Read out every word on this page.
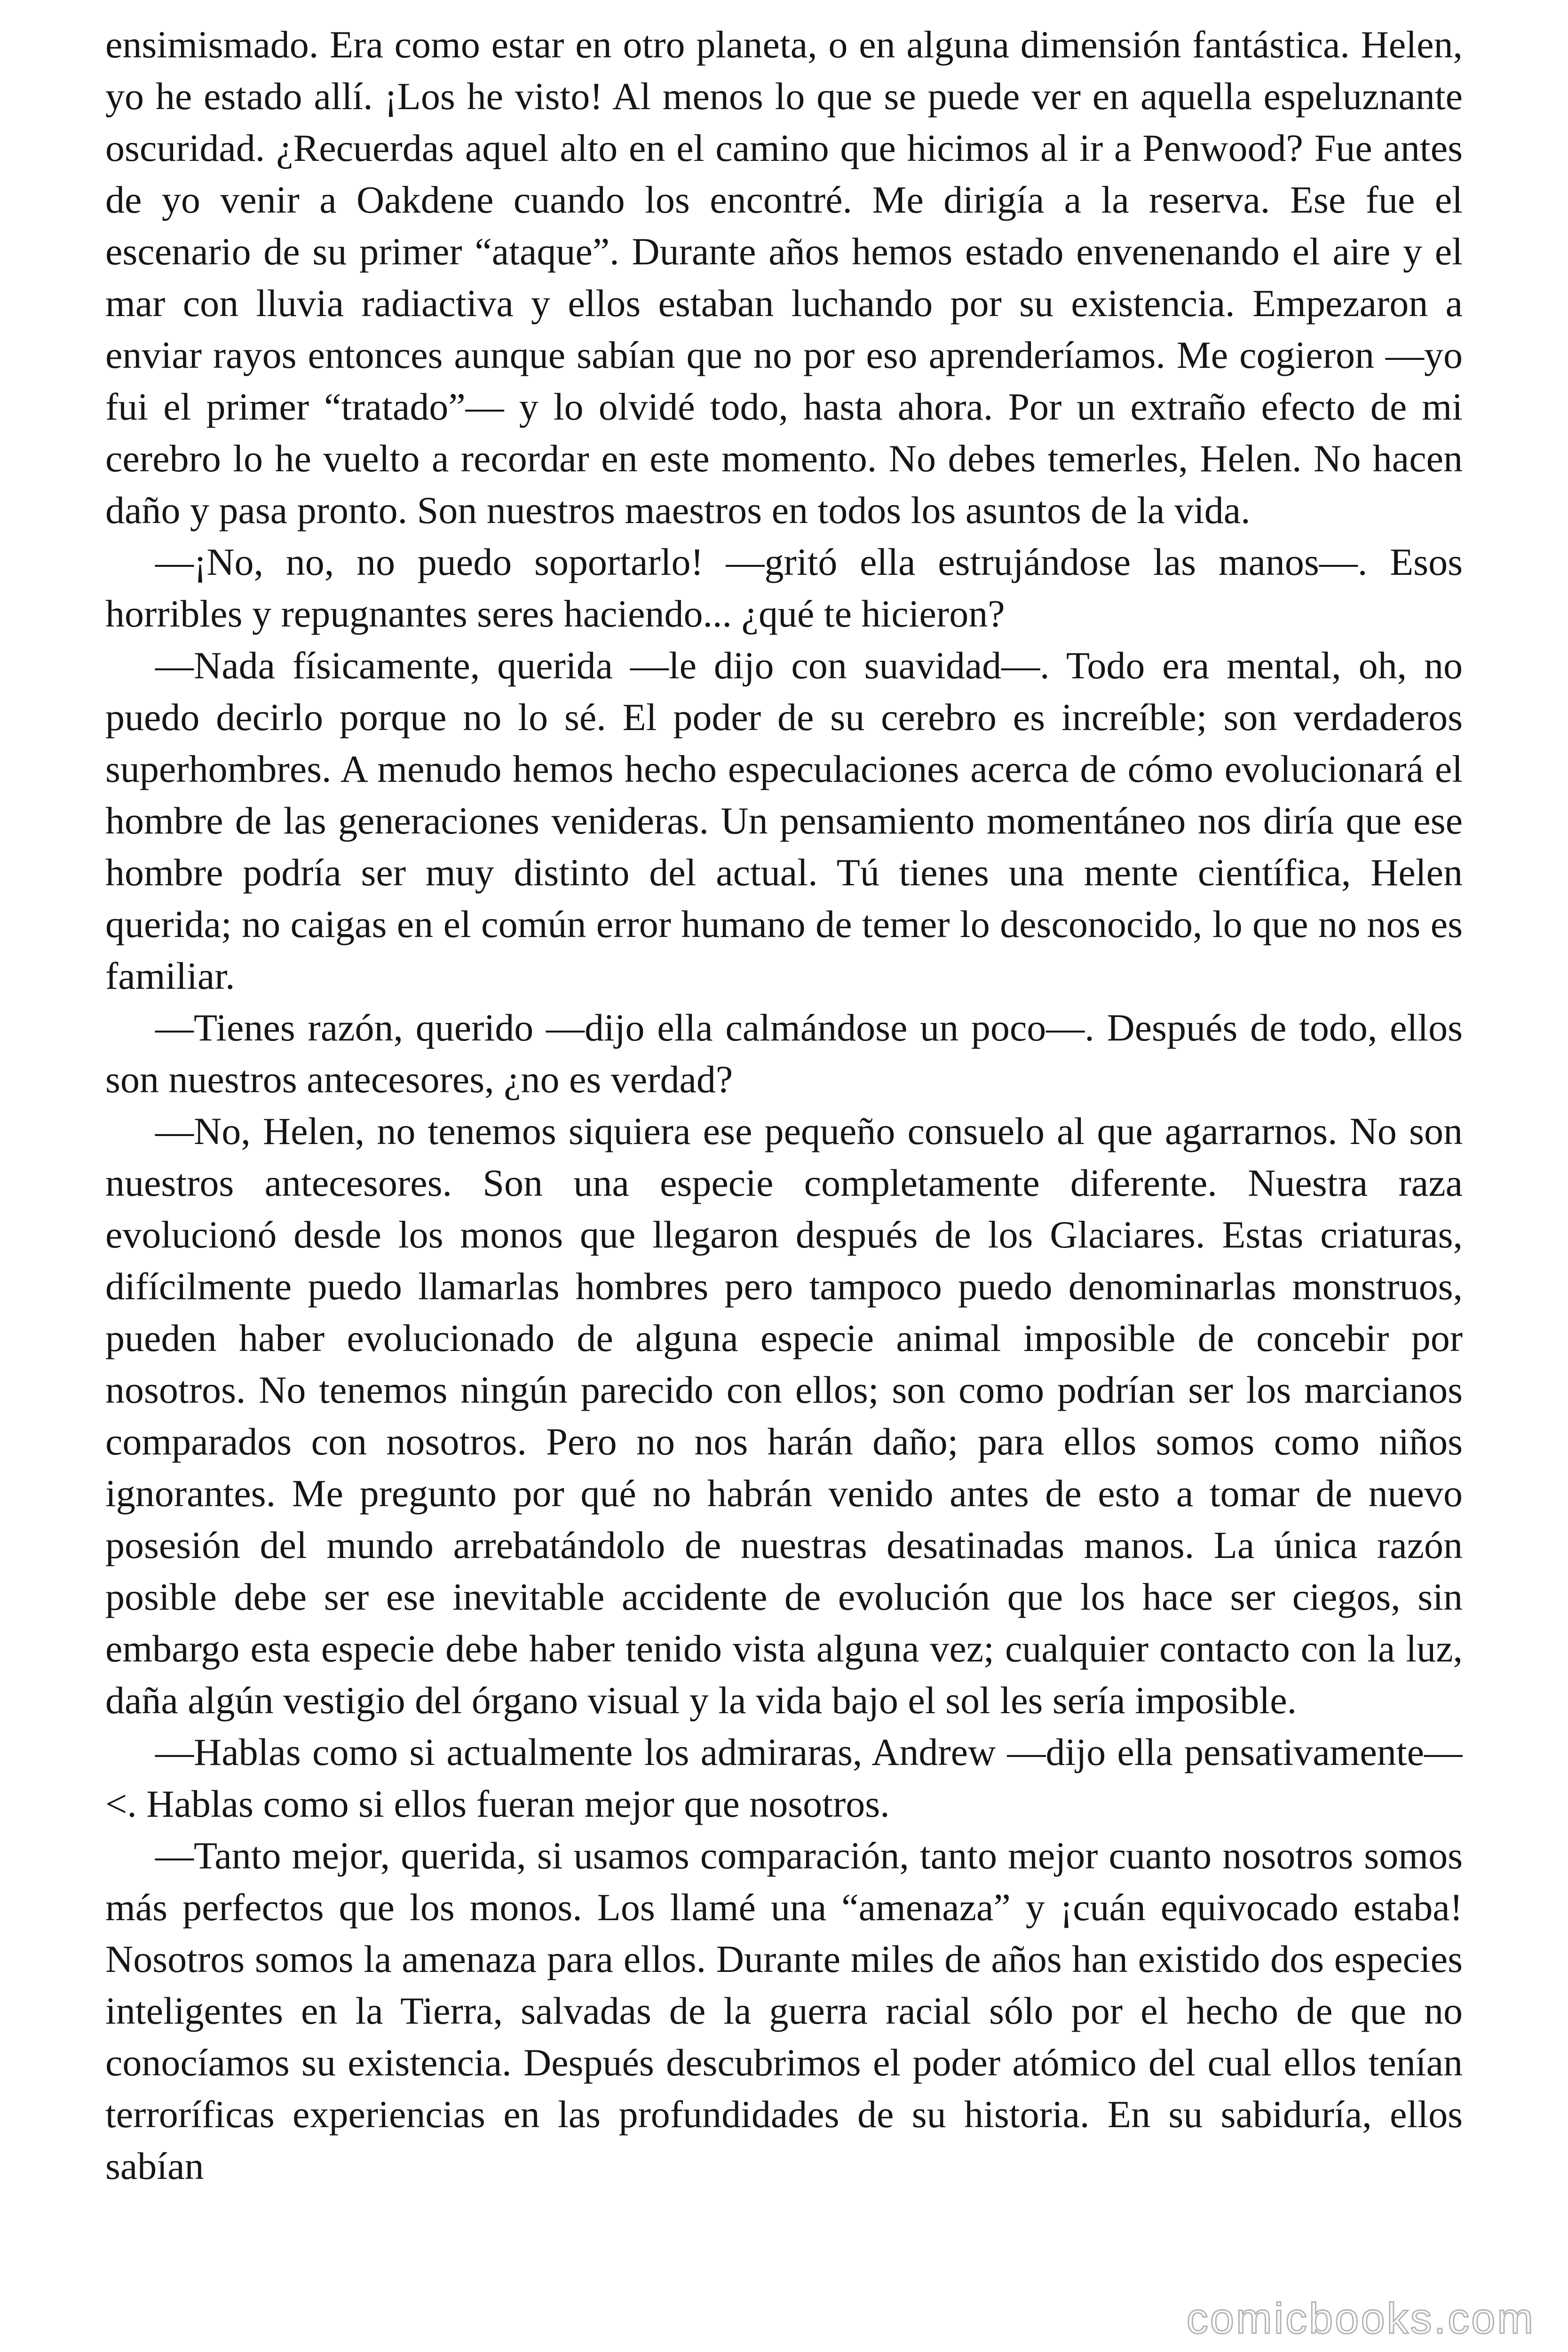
ensimismado. Era como estar en otro planeta, o en alguna dimensión fantástica. Helen, yo he estado allí. ¡Los he visto! Al menos lo que se puede ver en aquella espeluznante oscuridad. ¿Recuerdas aquel alto en el camino que hicimos al ir a Penwood? Fue antes de yo venir a Oakdene cuando los encontré. Me dirigía a la reserva. Ese fue el escenario de su primer “ataque”. Durante años hemos estado envenenando el aire y el mar con lluvia radiactiva y ellos estaban luchando por su existencia. Empezaron a enviar rayos entonces aunque sabían que no por eso aprenderíamos. Me cogieron —yo fui el primer “tratado”— y lo olvidé todo, hasta ahora. Por un extraño efecto de mi cerebro lo he vuelto a recordar en este momento. No debes temerles, Helen. No hacen daño y pasa pronto. Son nuestros maestros en todos los asuntos de la vida.

—¡No, no, no puedo soportarlo! —gritó ella estrujándose las manos—. Esos horribles y repugnantes seres haciendo... ¿qué te hicieron?

—Nada físicamente, querida —le dijo con suavidad—. Todo era mental, oh, no puedo decirlo porque no lo sé. El poder de su cerebro es increíble; son verdaderos superhombres. A menudo hemos hecho especulaciones acerca de cómo evolucionará el hombre de las generaciones venideras. Un pensamiento momentáneo nos diría que ese hombre podría ser muy distinto del actual. Tú tienes una mente científica, Helen querida; no caigas en el común error humano de temer lo desconocido, lo que no nos es familiar.

—Tienes razón, querido —dijo ella calmándose un poco—. Después de todo, ellos son nuestros antecesores, ¿no es verdad?

—No, Helen, no tenemos siquiera ese pequeño consuelo al que agarrarnos. No son nuestros antecesores. Son una especie completamente diferente. Nuestra raza evolucionó desde los monos que llegaron después de los Glaciares. Estas criaturas, difícilmente puedo llamarlas hombres pero tampoco puedo denominarlas monstruos, pueden haber evolucionado de alguna especie animal imposible de concebir por nosotros. No tenemos ningún parecido con ellos; son como podrían ser los marcianos comparados con nosotros. Pero no nos harán daño; para ellos somos como niños ignorantes. Me pregunto por qué no habrán venido antes de esto a tomar de nuevo posesión del mundo arrebatándolo de nuestras desatinadas manos. La única razón posible debe ser ese inevitable accidente de evolución que los hace ser ciegos, sin embargo esta especie debe haber tenido vista alguna vez; cualquier contacto con la luz, daña algún vestigio del órgano visual y la vida bajo el sol les sería imposible.

—Hablas como si actualmente los admiraras, Andrew —dijo ella pensativamente—<. Hablas como si ellos fueran mejor que nosotros.

—Tanto mejor, querida, si usamos comparación, tanto mejor cuanto nosotros somos más perfectos que los monos. Los llamé una “amenaza” y ¡cuán equivocado estaba! Nosotros somos la amenaza para ellos. Durante miles de años han existido dos especies inteligentes en la Tierra, salvadas de la guerra racial sólo por el hecho de que no conocíamos su existencia. Después descubrimos el poder atómico del cual ellos tenían terroríficas experiencias en las profundidades de su historia. En su sabiduría, ellos sabían

comicbooks.com
